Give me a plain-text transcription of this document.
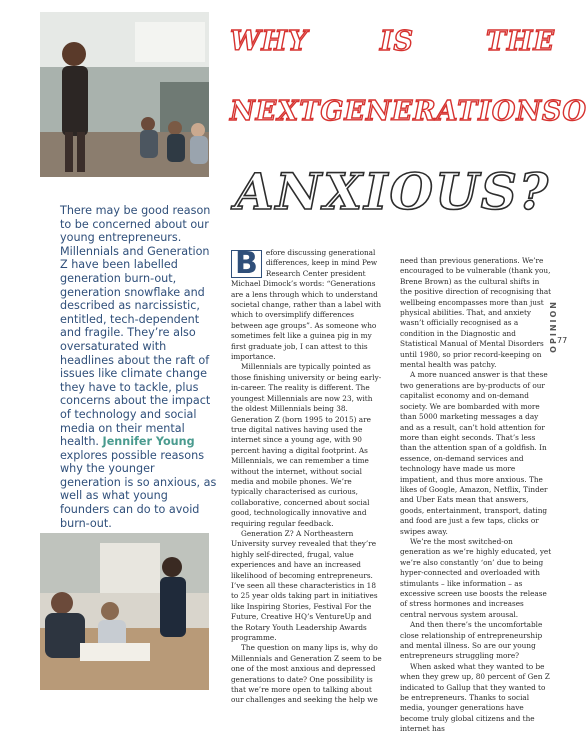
WHY	IS	THE
NEXT GENERATION SO
ANXIOUS?
There may be good reason to be concerned about our young entrepreneurs. Millennials and Generation Z have been labelled generation burn-out, generation snowflake and described as narcissistic, entitled, tech-dependent and fragile. They’re also oversaturated with headlines about the raft of issues like climate change they have to tackle, plus concerns about the impact of technology and social media on their mental health. Jennifer Young explores possible reasons why the younger generation is so anxious, as well as what young founders can do to avoid burn-out.

B	efore discussing generational differences, keep in mind Pew Research Center president Michael Dimock’s words: “Generations are a lens through which to understand societal change, rather than a label with which to oversimplify differences between age groups”. As someone who sometimes felt like a guinea pig in my first graduate job, I can attest to this importance.

Millennials are typically pointed as those finishing university or being early-in-career. The reality is different. The youngest Millennials are now 23, with the oldest Millennials being 38. Generation Z (born 1995 to 2015) are true digital natives having used the internet since a young age, with 90 percent having a digital footprint. As Millennials, we can remember a time without the internet, without social media and mobile phones. We’re typically characterised as curious, collaborative, concerned about social good, technologically innovative and requiring regular feedback.

Generation Z? A Northeastern University survey revealed that they’re highly self-directed, frugal, value experiences and have an increased likelihood of becoming entrepreneurs. I’ve seen all these characteristics in 18 to 25 year olds taking part in initiatives like Inspiring Stories, Festival For the Future, Creative HQ’s VentureUp and the Rotary Youth Leadership Awards programme.

The question on many lips is, why do Millennials and Generation Z seem to be one of the most anxious and depressed generations to date? One possibility is that we’re more open to talking about our challenges and seeking the help we

need than previous generations. We’re encouraged to be vulnerable (thank you, Brene Brown) as the cultural shifts in the positive direction of recognising that wellbeing encompasses more than just physical abilities. That, and anxiety wasn’t officially recognised as a condition in the Diagnostic and Statistical Manual of Mental Disorders until 1980, so prior record-keeping on mental health was patchy.

A more nuanced answer is that these two generations are by-products of our capitalist economy and on-demand society. We are bombarded with more than 5000 marketing messages a day and as a result, can’t hold attention for more than eight seconds. That’s less than the attention span of a goldfish. In essence, on-demand services and technology have made us more impatient, and thus more anxious. The likes of Google, Amazon, Netflix, Tinder and Uber Eats mean that answers, goods, entertainment, transport, dating and food are just a few taps, clicks or swipes away.

We’re the most switched-on generation as we’re highly educated, yet we’re also constantly ‘on’ due to being hyper-connected and overloaded with stimulants – like information – as excessive screen use boosts the release of stress hormones and increases central nervous system arousal.

And then there’s the uncomfortable close relationship of entrepreneurship and mental illness. So are our young entrepreneurs struggling more?

When asked what they wanted to be when they grew up, 80 percent of Gen Z indicated to Gallup that they wanted to be entrepreneurs. Thanks to social media, younger generations have become truly global citizens and the internet has

OPINION 77
